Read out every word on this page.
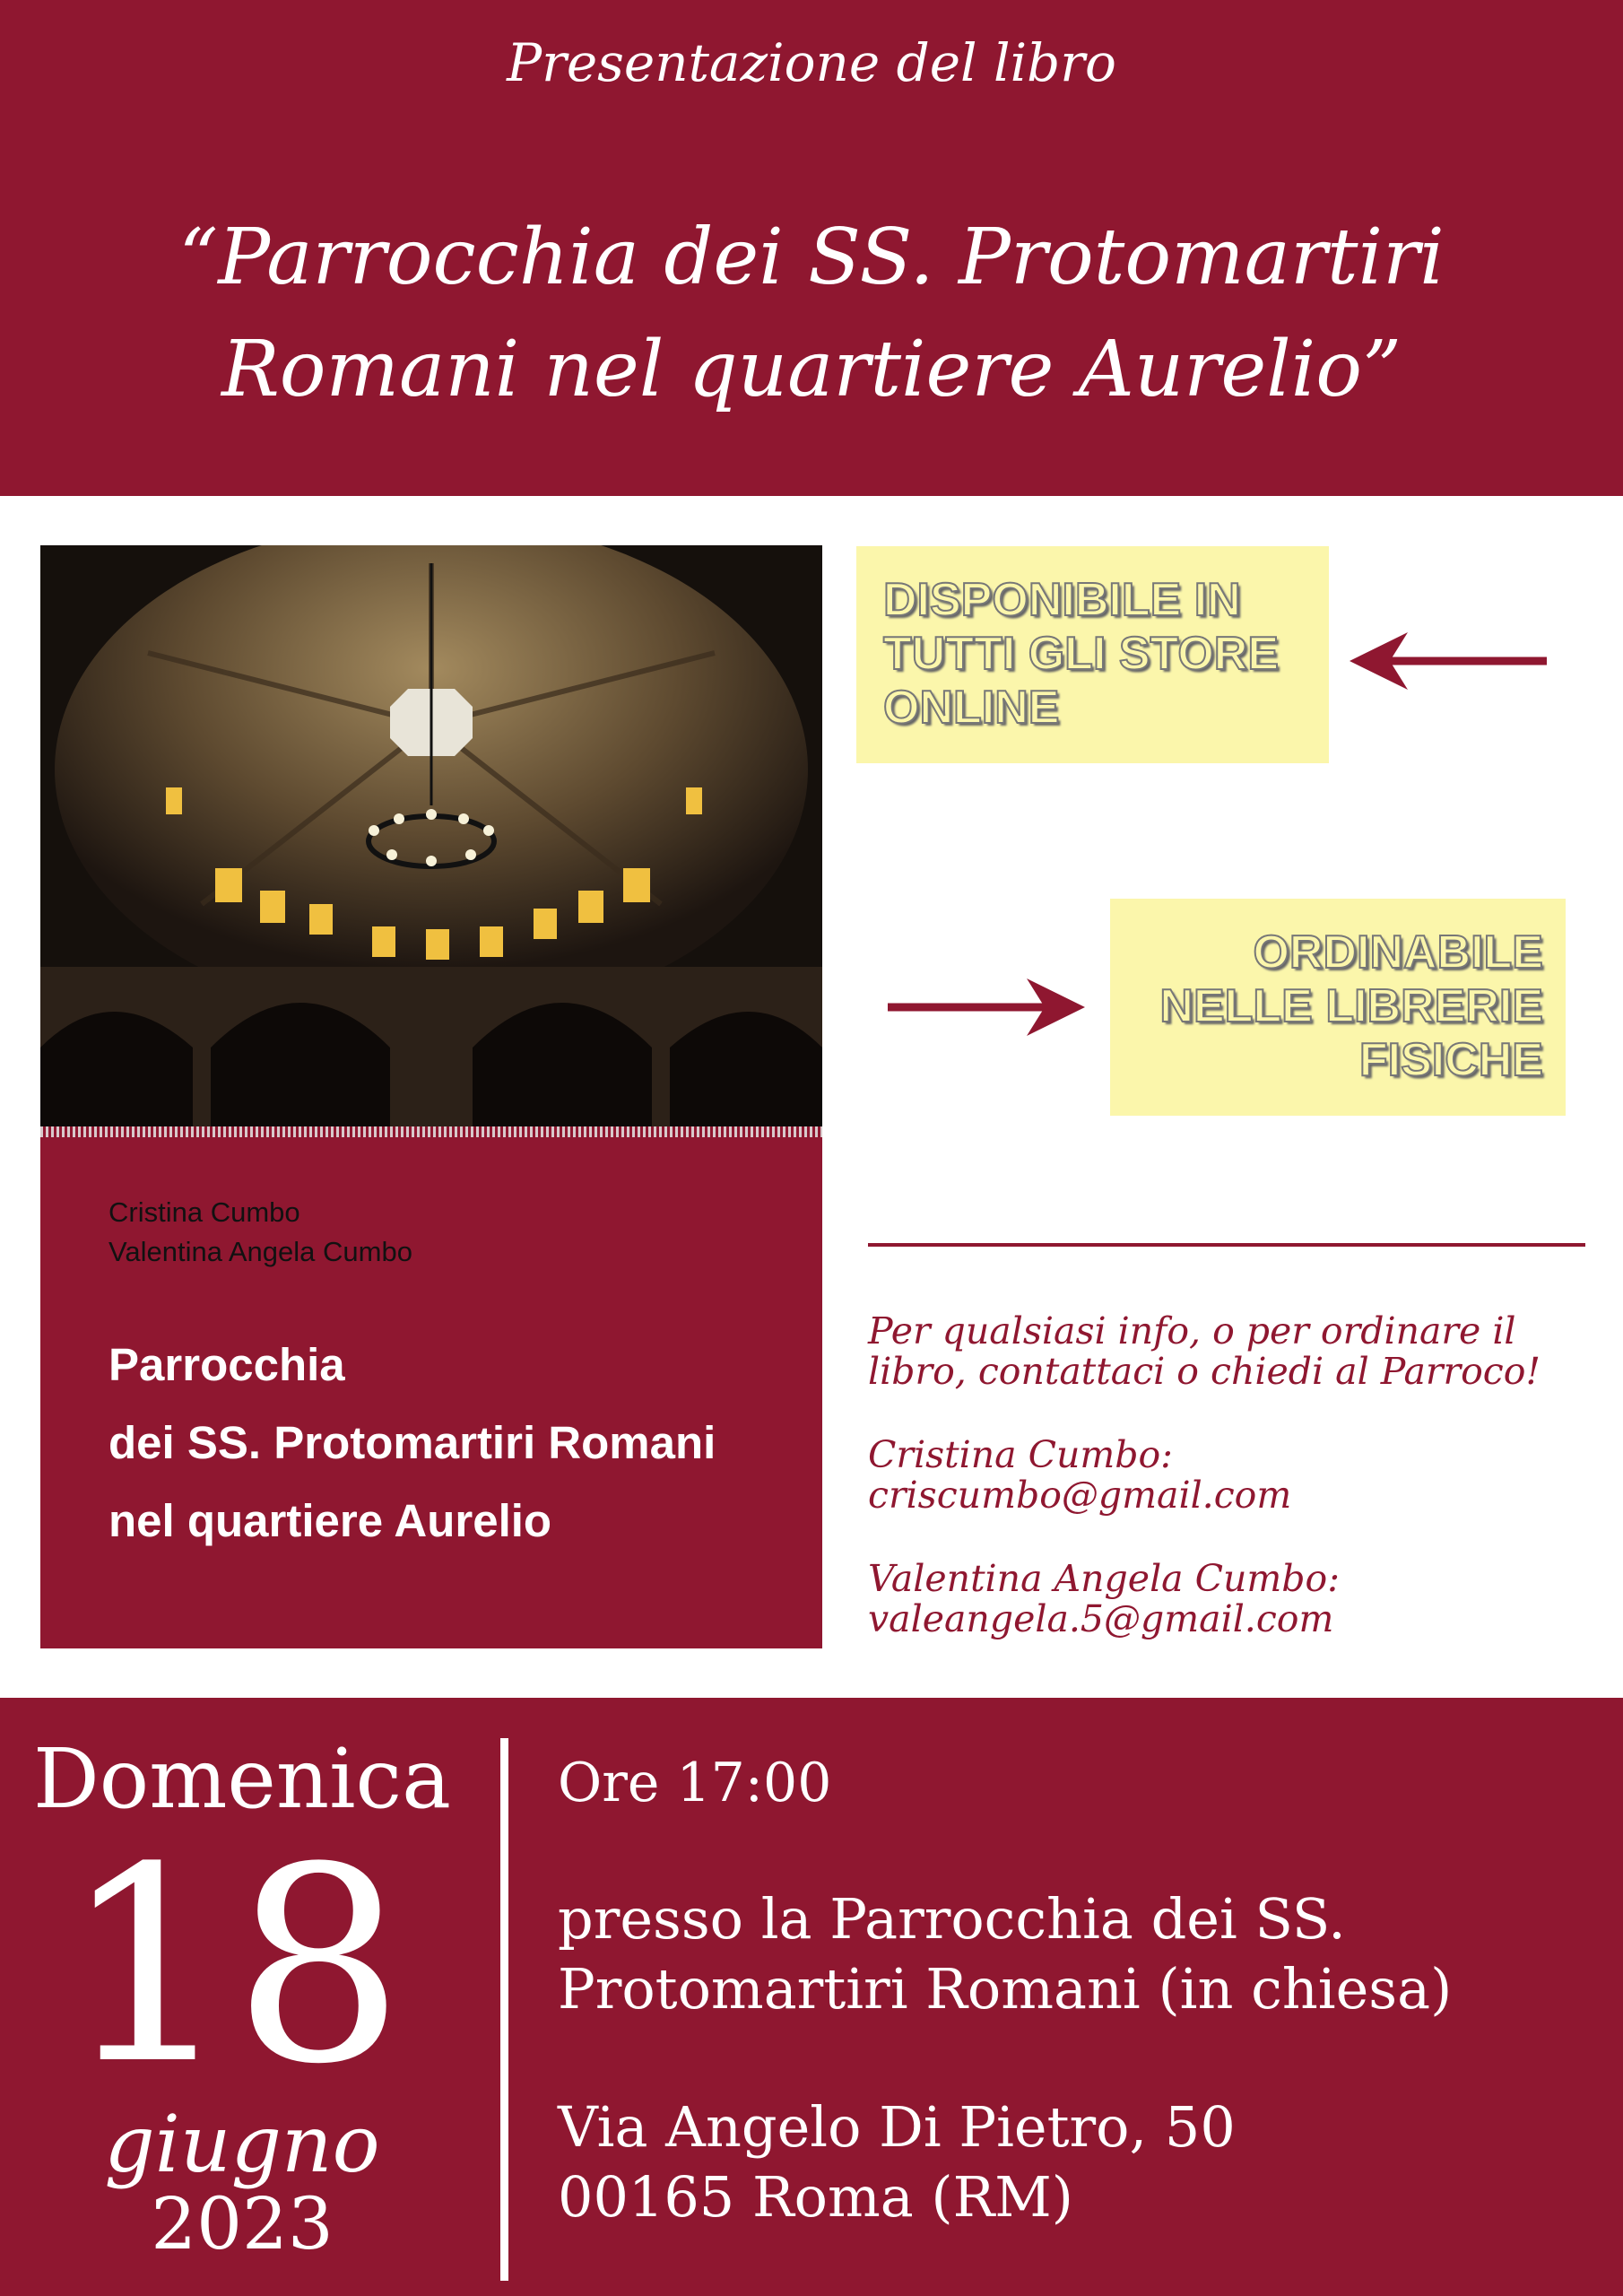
Presentazione del libro
“Parrocchia dei SS. Protomartiri Romani nel quartiere Aurelio”
Cristina Cumbo
Valentina Angela Cumbo
Parrocchia
dei SS. Protomartiri Romani
nel quartiere Aurelio
DISPONIBILE IN TUTTI GLI STORE ONLINE
ORDINABILE NELLE LIBRERIE FISICHE

Per qualsiasi info, o per ordinare il libro, contattaci o chiedi al Parroco!

Cristina Cumbo:
criscumbo@gmail.com

Valentina Angela Cumbo:
valeangela.5@gmail.com

Domenica
18
giugno
2023
Ore 17:00
presso la Parrocchia dei SS. Protomartiri Romani (in chiesa)
Via Angelo Di Pietro, 50
00165 Roma (RM)
